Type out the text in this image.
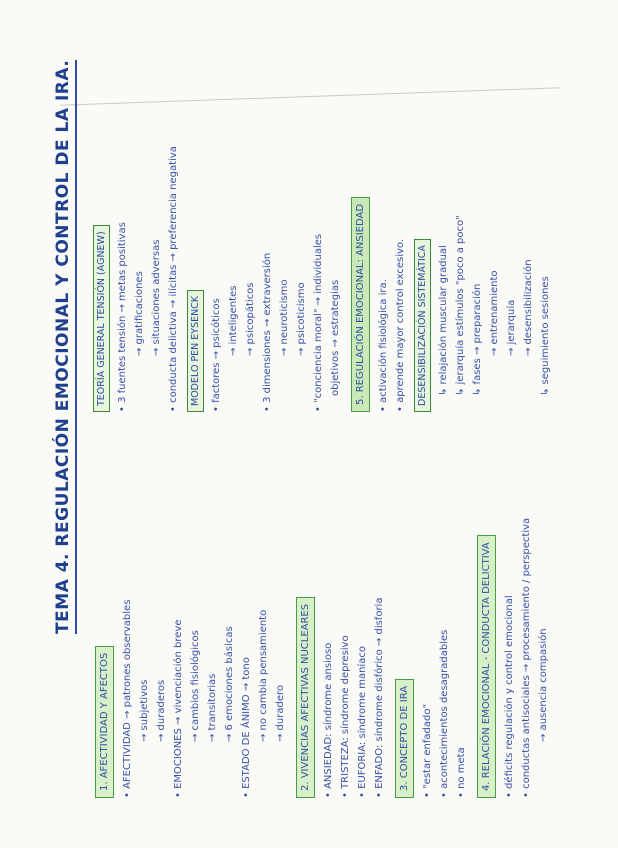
TEMA 4. REGULACIÓN EMOCIONAL Y CONTROL DE LA IRA.
1. AFECTIVIDAD Y AFECTOS • AFECTIVIDAD → patrones observables
→ subjetivos
→ duraderos
• EMOCIONES → vivenciación breve
→ cambios fisiológicos
→ transitorias
→ 6 emociones básicas
• ESTADO DE ÁNIMO → tono
→ no cambia pensamiento
→ duradero 2. VIVENCIAS AFECTIVAS NUCLEARES • ANSIEDAD: síndrome ansioso • TRISTEZA: síndrome depresivo • EUFORIA: síndrome maníaco • ENFADO: síndrome disfórico → disforia 3. CONCEPTO DE IRA • "estar enfadado" • acontecimientos desagradables • no meta 4. RELACIÓN EMOCIONAL - CONDUCTA DELICTIVA • déficits regulación y control emocional • conductas antisociales → procesamiento / perspectiva
→ ausencia compasión
TEORÍA GENERAL TENSIÓN (AGNEW) • 3 fuentes tensión → metas positivas
→ gratificaciones
→ situaciones adversas • conducta delictiva → ilícitas → preferencia negativa MODELO PEN EYSENCK • factores → psicóticos
→ inteligentes
→ psicopáticos
• 3 dimensiones → extraversión
→ neuroticismo
→ psicoticismo • "conciencia moral" → individuales
objetivos → estrategias 5. REGULACIÓN EMOCIONAL: ANSIEDAD • activación fisiológica ira. • aprende mayor control excesivo. DESENSIBILIZACIÓN SISTEMÁTICA ↳ relajación muscular gradual
↳ jerarquía estímulos "poco a poco"
↳ fases → preparación
→ entrenamiento
→ jerarquía
→ desensibilización
↳ seguimiento sesiones
